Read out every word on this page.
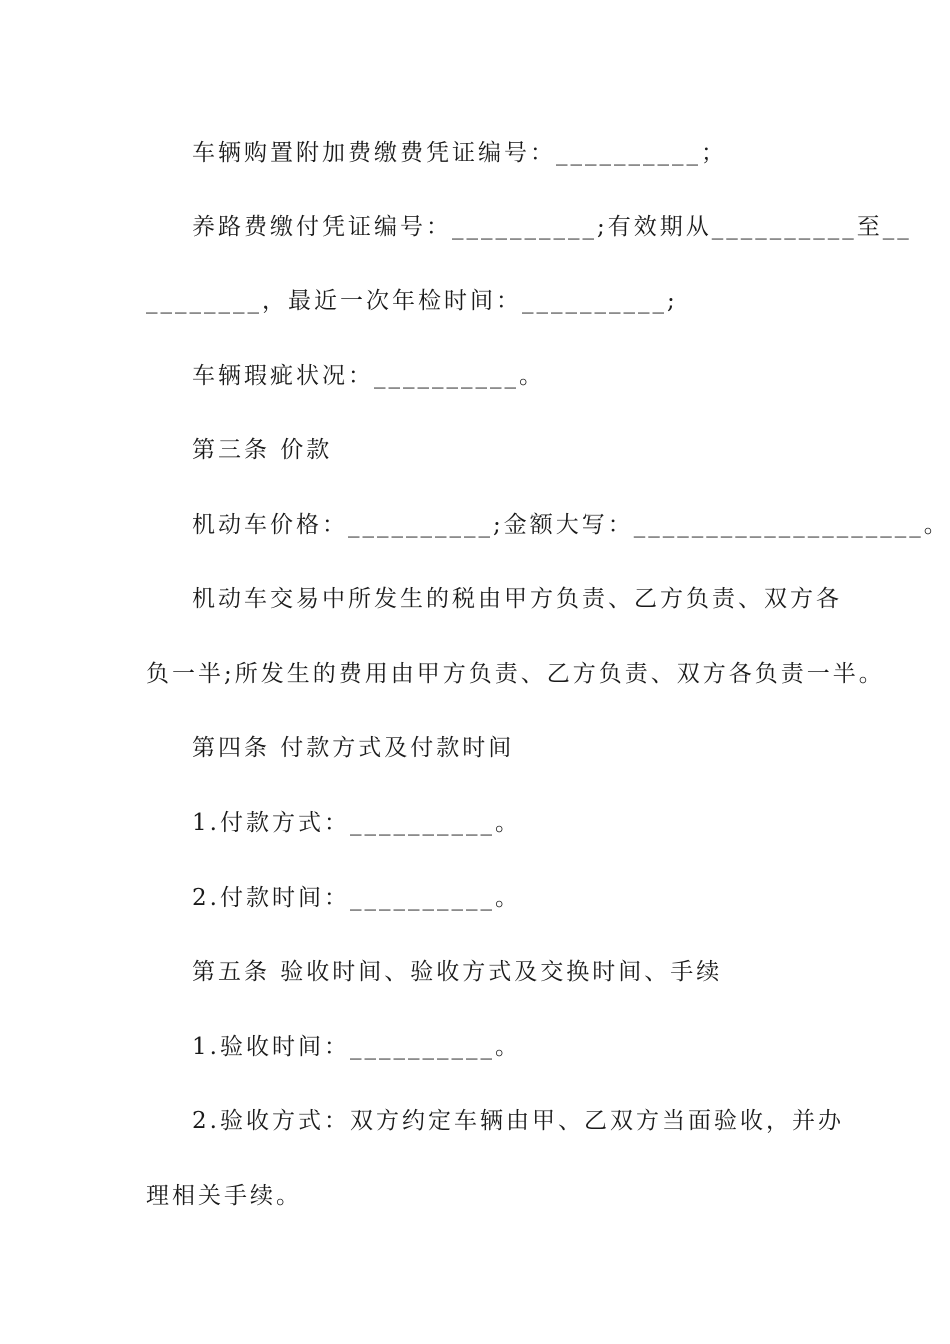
车辆购置附加费缴费凭证编号：__________；
养路费缴付凭证编号：__________;有效期从__________至__
________，最近一次年检时间：__________;
车辆瑕疵状况：__________。
第三条 价款
机动车价格：__________;金额大写：____________________。
机动车交易中所发生的税由甲方负责、乙方负责、双方各
负一半;所发生的费用由甲方负责、乙方负责、双方各负责一半。
第四条 付款方式及付款时间
1.付款方式：__________。
2.付款时间：__________。
第五条 验收时间、验收方式及交换时间、手续
1.验收时间：__________。
2.验收方式：双方约定车辆由甲、乙双方当面验收，并办
理相关手续。
